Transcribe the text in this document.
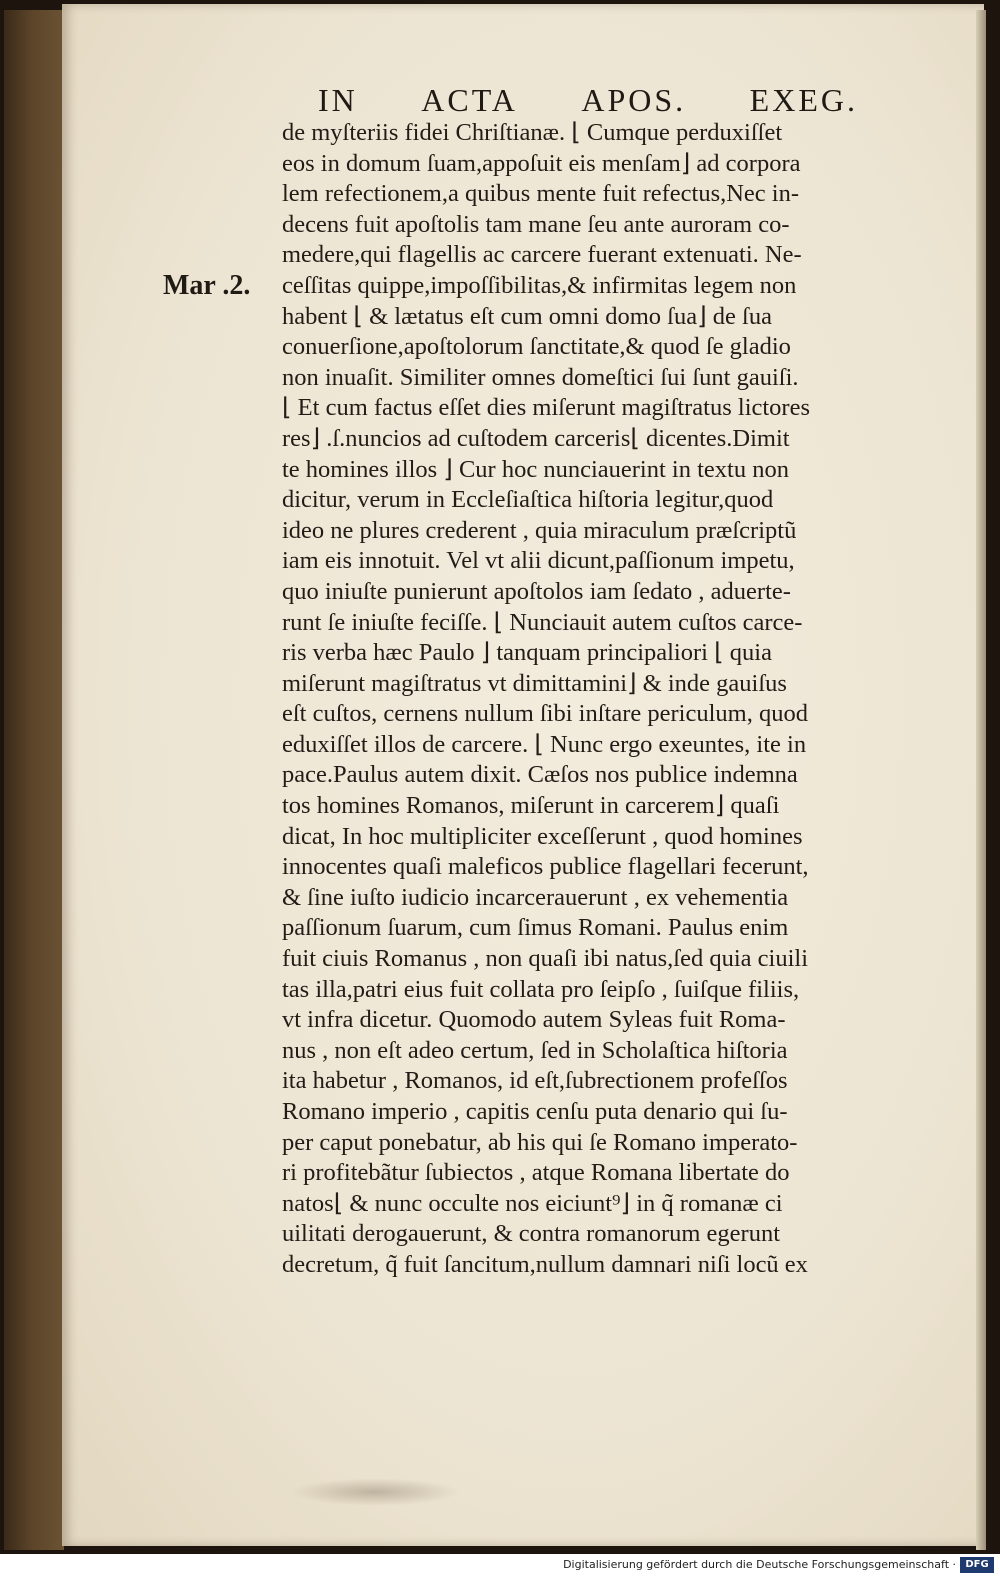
IN ACTA APOS. EXEG.
Mar .2.
de myſteriis fidei Chriſtianæ. ⌊ Cumque perduxiſſet
eos in domum ſuam,appoſuit eis menſam⌋ ad corpora
lem refectionem,a quibus mente fuit refectus,Nec in-
decens fuit apoſtolis tam mane ſeu ante auroram co-
medere,qui flagellis ac carcere fuerant extenuati. Ne-
ceſſitas quippe,impoſſibilitas,& infirmitas legem non
habent ⌊ & lætatus eſt cum omni domo ſua⌋ de ſua
conuerſione,apoſtolorum ſanctitate,& quod ſe gladio
non inuaſit. Similiter omnes domeſtici ſui ſunt gauiſi.
⌊ Et cum factus eſſet dies miſerunt magiſtratus lictores
res⌋ .ſ.nuncios ad cuſtodem carceris⌊ dicentes.Dimit
te homines illos ⌋ Cur hoc nunciauerint in textu non
dicitur, verum in Eccleſiaſtica hiſtoria legitur,quod
ideo ne plures crederent , quia miraculum præſcriptũ
iam eis innotuit. Vel vt alii dicunt,paſſionum impetu,
quo iniuſte punierunt apoſtolos iam ſedato , aduerte-
runt ſe iniuſte feciſſe. ⌊ Nunciauit autem cuſtos carce-
ris verba hæc Paulo ⌋ tanquam principaliori ⌊ quia
miſerunt magiſtratus vt dimittamini⌋ & inde gauiſus
eſt cuſtos, cernens nullum ſibi inſtare periculum, quod
eduxiſſet illos de carcere. ⌊ Nunc ergo exeuntes, ite in
pace.Paulus autem dixit. Cæſos nos publice indemna
tos homines Romanos, miſerunt in carcerem⌋ quaſi
dicat, In hoc multipliciter exceſſerunt , quod homines
innocentes quaſi maleficos publice flagellari fecerunt,
& ſine iuſto iudicio incarcerauerunt , ex vehementia
paſſionum ſuarum, cum ſimus Romani. Paulus enim
fuit ciuis Romanus , non quaſi ibi natus,ſed quia ciuili
tas illa,patri eius fuit collata pro ſeipſo , ſuiſque filiis,
vt infra dicetur. Quomodo autem Syleas fuit Roma-
nus , non eſt adeo certum, ſed in Scholaſtica hiſtoria
ita habetur , Romanos, id eſt,ſubrectionem profeſſos
Romano imperio , capitis cenſu puta denario qui ſu-
per caput ponebatur, ab his qui ſe Romano imperato-
ri profitebãtur ſubiectos , atque Romana libertate do
natos⌊ & nunc occulte nos eiciunt⁹⌋ in q̃ romanæ ci
uilitati derogauerunt, & contra romanorum egerunt
decretum, q̃ fuit ſancitum,nullum damnari niſi locũ ex
Digitalisierung gefördert durch die Deutsche Forschungsgemeinschaft · DFG
